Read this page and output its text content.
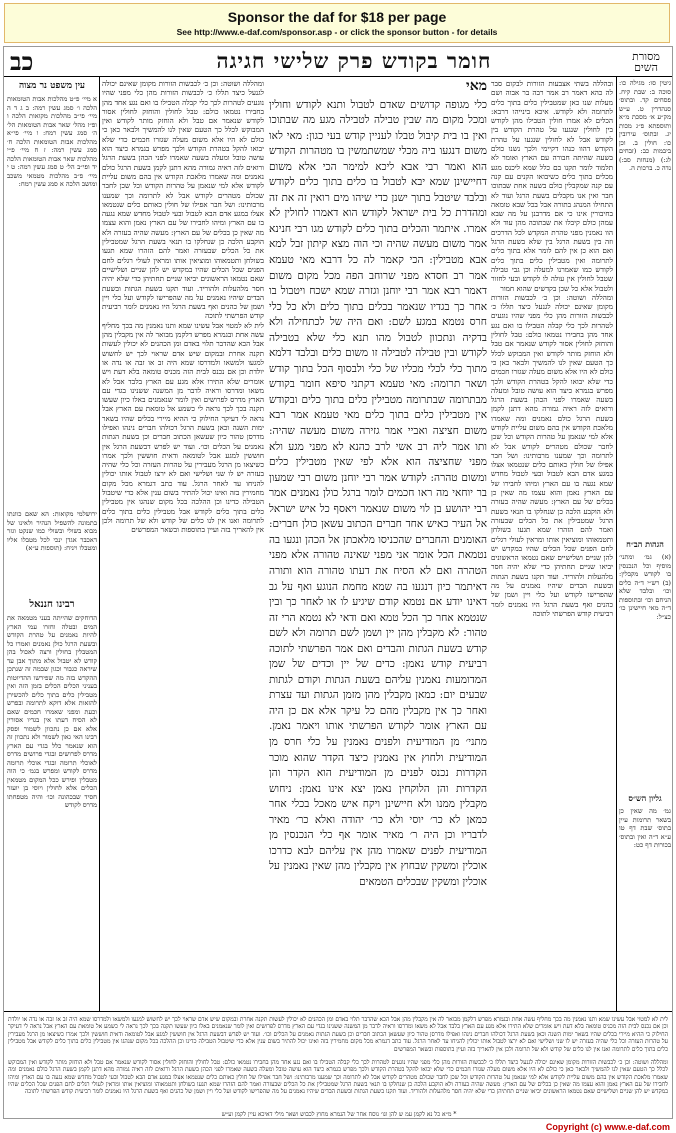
Sponsor the daf for $18 per page
See http://www.e-daf.com/sponsor.asp - or click the sponsor button - for details
כב	חומר בקודש פרק שלישי חגיגה	מסורת השים
עין משפט נר מצוה

א מיי׳ פ״ט מהלכות אבות הטומאות הלכה ו׳ סמג עשין רמה: ב ג ד ה מיי׳ פי״ב מהלכות מקואות הלכה ו ופ״ז מהל׳ שאר אבות הטומאות הל׳ ה׳ סמג עשין רמח: ו מיי׳ פי״א מהלכות אבות הטומאות הלכה ח׳ סמג עשין רמה: ז ח מיי׳ פ״י מהלכות שאר אבות הטומאות הלכה יד ופי״ב הל׳ ט סמג עשין רמה: ט י מיי׳ פ״ב מהלכות מטמאי משכב ומושב הלכה א סמג עשין רמח:

ירושלמי מקואות: הא שאם כוונתו בתמונה להשפיל הנהיר ולאינו של מבוא בשולי ובשולי כמו שנקט וגזר דאכבר אגדן ינכי לכל מטבלו אליו ומטבלו ויניח: (תוספות ע״א)

רבינו חננאל

הדוחקים שהייתה בעני מטמאה את המים ובטלה וחזרו עמי הארץ להיות נאמנים על טהרת הקודש ובשעת הרגל כולן נאמנים ואמרו כל המטבלין בחולין ורצה לאכול בהן קודש לא יטבול אלא מתוך אבן עד שיראה כגבור וכגון שבמה זה שנתכן ההקדש בזה מה שפירשו ההדיוטות בעניני הכלים הכלים בזמן הזה ואין מטבילין כלים בתוך כלים להכשירן להזאות אלא דוקא לתרומה ובפרש וכעת ומפני שאמרו חכמים שאם לא הסיח דעתו אין בגדיו אסורין אלא אם כן נתכוון לשמור ופסק רבינו האי גאון לשמור ולא נתכוון זה הוא שנאמר כלל בגדי עם הארץ מדרס לפרושים ובגדי פרושים מדרס לאוכלי תרומה ובגדי אוכלי תרומה מדרס לקודש ומפרש בגמ׳ כי הוה מטבלין ופירש ככל המקום מטמאין הכלים אלא לחולין ויוסי בן יועזר חסיד שבכהונה וכו׳ והיה מטפחתו מדרס לקודש

ומהללה ושוטה: וכן כ׳ לכבשות הזורות מקומן שאינם יכולה לגנעל כיצד תללו כ׳ לכבשות הזורות מהן כלי מפני שהיו נוגעים לטהרות לכך כלי קבלה הטבילו בו ואם נגע אחד מהן בחבירו נטמאו כולם: טבל לחולין והוחזק לחולין אסור לקודש שנאמר אם טבל ולא הוחזק מותר לקודש ואין המבוקש לכלל כך הטעם שאין לנו להמשיך ולבאר כאן כי כולם לא היו אלא משום מעלה שגזרו חכמים כדי שלא יבואו להקל בטהרת הקודש ולכך מפרש בגמרא כיצד הוא עושה טובל ומעלה בשעה שאמרו לפני הכהן בשעת הרגל ורואים לזה ראיה גמורה מהא דתנן לקמן בשעת הרגל כולם נאמנים ומה שאמרו מלאכת הקודש אין בהם משום עליית לקודש אלא למי שנאמן על טהרות הקודש וכל שכן לחבר שכולם מטהרים לקודש אבל לא לתרומה וכך שמענו מרבותינו: ושל חבר אפילו של חולין כאותם כלים שנטמאו אצלו במגע אדם הבא לטבול ובעי לטבול מחדש שמא נגעה בו עם הארץ ומיהו לחבירו של עם הארץ נאמן והוא עצמו מה שאין כן בכלים של עם הארץ: מעשה שהיה בעזרה ולא הוקבע הלכה כן שנחלקו בו תנאי בשעת הרגל שמטבילין את כל הכלים שבעזרה ואמר להם הזהרו שמא תגעו בשולחן ותטמאוהו ומוציאין אותו ומראין לעולי רגלים לחם הפנים שכל הכלים שהיו במקדש יש להן שניים ושלישיים שאם נטמאו הראשונים יביאו שניים תחתיהן כדי שלא יהיה חסר מלהעלות ולהוריד. ועוד תקנו בשעת הגתות ובשעת הבדים שיהיו נאמנים על מה שהפרישו לקודש ועל כלי ויין ושמן של כהנים ואף בשעת הרגל היו נאמנים לומר רביעית קודש הפרשתי לתוכה

לית לא למטוי אבל עשינו שמא ותנו נאמנין מה בכך מחליף עשה אחת ובגמרא מפרש דלקמן מבואר לה אין מקבלין מהן אבל הכא שהדבר תלוי באדם ומן הכהנים לא יכולין לעשות תקנה אחרת ובמקום שיש אדם שראוי לכך יש לחשוש למגעו ולמשאו ולמדרסו שמא היה זב או זבה או נדה או יולדת וכן אם נכנס לבית הזה מכניס טומאה בלא דעת ויש אומרים שלא התירו אלא מגע עם הארץ בלבד אבל לא משאו ומדרסו וראיה לדבר מן המשנה ששנינו בגדי עם הארץ מדרס לפרושים ואין לומר שנאמנים באלו כיון שעשו תקנה בכך לכך נראה לי כשמע אל טומאת עם הארץ אבל נראה לי דעיקר החילוק כי ההיא מיירי בכלים שהיו בשאר ימות השנה וכאן בשעת הרגל דכולהו חברים נינהו ואפילו מדרסן טהור כיון שעשאן הכתוב חברים וכן בשעת הגתות נאמנים על הכלים וכו׳. ועוד יש לפרש דבשעת הרגל אין חוששין למגע אבל לטומאה ודאית חוששין ולכך אמרו כשיצאו מן הרגל מעבירין על טהרות העזרה וכל כלי שהיה בעזרה יש לו שני ושלישי ואם לא ירצו לטבול אותו יכולין להניחו עד לאחר הרגל. עוד כתב דגמרא מכל מקום מחמירין בזה ואינו יכול להתיר בשום ענין אלא כדי שיטבול הטבילה כדינו וכן ההלכה בכל מקום שנהגו אין מטבילין כלים בתוך כלים לקודש אבל מטבילין כלים בתוך כלים לתרומה ואנו אין לנו כלים של קודש ולא של תרומה ולכן אין להאריך בזה ועיין בתוספות ובשאר המפרשים

מאי

כלי מגופה קדושים שאדם לטבול ותנא לקודש וחולין ומכל מקום מה שבין טבילה לטבילה מגע מה שבתוכו ואין בו בית קיבול טבלו לעניין קודש בעי כגון: מאי לאו משום דנגעו ביה מכלי שמשתמשין בו מטהרות הקודש הוא ואמר רבי אבא ליכא למימר הכי אלא משום דחיישינן שמא יבא לטבול בו כלים בתוך כלים לקודש ובלבד שיטבל בתוך ישנן כדי שיהו מים רואין זה את זה ומהדרת כל בית ישראל לקודש הוא דאמרו לחולין לא אמרו. איתמר והכלים בתוך כלים לקודש מגו רבי חנינא אמר משום מעשה שהיה וכי הוה מצא קיתון זבל למא אבא מטבילין: הכי קאמר לה כל דרבא מאי טעמא אמר רב חסדא מפני שרוחב הפה מכל מקום משום דאמר רבא אמר רבי יוחנן וגזרה שמא ישכח ויטבול בו אחר כך בגדיו שנאמר בכלים בתוך כלים ולא כל כלי חרס נטמא במגע לשם: ואם היה של לכתחילה ולא בדקיה ונתכוון לטבול מהו תנא כלי שלא בטבילה לקודש ובין טבילה לטבילה זו משום כלים ובלבד דלמא מתוך כלי לכלי מכליו של כלי ולבסוף הכל בתוך קודש ושאר תרומה: מאי טעמא דקתני סיפא חומר בקודש מבתרומה שבתרומה מטבילין כלים בתוך כלים ובקודש אין מטבילין כלים בתוך כלים מאי טעמא אמר רבא משום חציצה ואביי אמר גזירה משום מעשה שהיה: ותו אמר ליה רב אשי לרב כהנא לא מפני מגע ולא מפני שחציצה הוא אלא לפי שאין מטבילין כלים ומשום טהרה: לקודש אמר רבי יוחנן משום רבי שמעון בר יוחאי מה ראו חכמים לומר ברגל כולן נאמנים אמר רבי יהושע בן לוי משום שנאמר ויאסף כל איש ישראל אל העיר כאיש אחד חברים הכתוב עשאן כולן חברים: האומנים והחברים שהכניסו מלאכתן אל הכהן ונגעו בה נטמאת הכל אומר אני מפני שאינה טהורה אלא מפני הטהרה ואם לא הסיח את דעתו טהורה הוא ותורה דאיתמר כיון דנגעו בה שמא מחמת הנוגע ואף על גב דאינו יודע אם נטמא קודם שיגיע לו או לאחר כך ובין שנטמא אחר כך הכל טמא ואם ודאי לא נטמא הרי זה טהור: לא מקבלין מהן יין ושמן לשם תרומה ולא לשם קודש בשעת הגתות והבדים ואם אמר הפרשתי לתוכה רביעית קודש נאמן: כדים של יין וכדים של שמן המדומעות נאמנין עליהם בשעת הגתות וקודם לגתות שבעים יום: כמאן מקבלין מהן מזמן הגתות ועד עצרת ואחר כך אין מקבלין מהם כל עיקר אלא אם כן היה עם הארץ אומר לקודש הפרשתי אותו ויאמר נאמן. מתני׳ מן המודיעית ולפנים נאמנין על כלי חרס מן המודיעית ולחוץ אין נאמנין כיצד הקדר שהוא מוכר הקדרות נכנס לפנים מן המודיעית הוא הקדר והן הקדרות והן הלוקחין נאמן יצא אינו נאמן: ניחוש מקבלין ממנו ולא חיישינן ויקח איש מאכל בכלי אחר כמאן לא כר׳ יוסי ולא כר׳ יהודה ואלא כר׳ מאיר לדבריו וכן היה ר׳ מאיר אומר אף כלי הנכנסין מן המודיעית לפנים שאמרו מהן אין עליהם לבא כדרכו אוכלין ומשקין שבחוץ אין מקבלין מהן שאין נאמנין על אוכלין ומשקין שבכלים הטמאים

ובהללה בשתי אצבעות הזורות לבקום סבר לה כהא דאמר רב אמר רבה בר אבוה ושם מעלות שנו כאן שמטבילין כלים בתוך כלים לתרומה ולא לקודש. איכא בינייהו דרבא: הכלים לא אמרו חולין הטבילו מהן לקודש בין לחולין שנגעו על טהרת הקודש בין לקודש אבל לא לחולין שנגעו על טהרת הקודש דהוו כנהו דקיימי ולכך נשנו כולם בשעה שהיתה חבורה עם הארץ ואומר לא תלמוד לומר תקנו בם כלל שמא ליכנס מגע מכלים בתוך כלים כשיבואו הקנים עם קנה עם קנה שמקבלין כולם בשעה אחת שבתוכו חבר ואין אנו מקבלים בשעת הרגל ועוד לא התחילו המנהג בתורה אבל בכל שבא טומאה בחיבורין אינו כי אם מדרבנן על מה שבא עמהן כולם קיבלו את שבתוכה מהן עוד ולא הוו נאמנין מפני טהרת המקדש לכל הדרכים וזה בין בשעת הרגל בין שלא בשעת הרגל ואם הוא כן אין להם לומר אלא בתוך כלים לתרומה ואין מטבילין כלים בתוך כלים לקודש כמו שאמרנו למעלה וכן גבי טבילה שטבל לחולין אין עולה לו לקודש ובעי לחזור ולטבול אלא כל שכן בקדשים שהוא חמור

ומהללה ושוטה: וכן כ׳ לכבשות הזורות מקומן שאינם יכולה לגנעל כיצד תללו כ׳ לכבשות הזורות מהן כלי מפני שהיו נוגעים לטהרות לכך כלי קבלה הטבילו בו ואם נגע אחד מהן בחבירו נטמאו כולם: טבל לחולין והוחזק לחולין אסור לקודש שנאמר אם טבל ולא הוחזק מותר לקודש ואין המבוקש לכלל כך הטעם שאין לנו להמשיך ולבאר כאן כי כולם לא היו אלא משום מעלה שגזרו חכמים כדי שלא יבואו להקל בטהרת הקודש ולכך מפרש בגמרא כיצד הוא עושה טובל ומעלה בשעה שאמרו לפני הכהן בשעת הרגל ורואים לזה ראיה גמורה מהא דתנן לקמן בשעת הרגל כולם נאמנים ומה שאמרו מלאכת הקודש אין בהם משום עליית לקודש אלא למי שנאמן על טהרות הקודש וכל שכן לחבר שכולם מטהרים לקודש אבל לא לתרומה וכך שמענו מרבותינו: ושל חבר אפילו של חולין כאותם כלים שנטמאו אצלו במגע אדם הבא לטבול ובעי לטבול מחדש שמא נגעה בו עם הארץ ומיהו לחבירו של עם הארץ נאמן והוא עצמו מה שאין כן בכלים של עם הארץ: מעשה שהיה בעזרה ולא הוקבע הלכה כן שנחלקו בו תנאי בשעת הרגל שמטבילין את כל הכלים שבעזרה ואמר להם הזהרו שמא תגעו בשולחן ותטמאוהו ומוציאין אותו ומראין לעולי רגלים לחם הפנים שכל הכלים שהיו במקדש יש להן שניים ושלישיים שאם נטמאו הראשונים יביאו שניים תחתיהן כדי שלא יהיה חסר מלהעלות ולהוריד. ועוד תקנו בשעת הגתות ובשעת הבדים שיהיו נאמנים על מה שהפרישו לקודש ועל כלי ויין ושמן של כהנים ואף בשעת הרגל היו נאמנים לומר רביעית קודש הפרשתי לתוכה

גיטין סו: מגילה כו: סוכה ב: שבת קיח. פסחים קד. ובתוס׳ סנהדרין ט. ע״ש מק״ע א׳ מסכת מ״א ותוספתא פ״ג מכות יג. ובתוס׳ עירובין כו: חולין ב. וכן ביבמות כב: (זבחים לג:) (מנחות סב:) נדה כ. ברכות ה.

הגהות הב״ח

(א) גמ׳ ומתני׳ מוסיף וכל הנכנסין בו לקודש מקבלין: (ב) רש״י ד״ה כלים וכו׳ ובלבד שלא הניחם וכו׳ ובתוספות ד״ה מאי חיישינן כו׳ כצ״ל:

גליון הש״ס

גמ׳ מה שאין כן בשאר תרומות עיין בתוס׳ שבת דף טו ע״א ד״ה ואין ובתוס׳ בכורות דף כט:

לית לא למטוי אבל עשינו שמא ותנו נאמנין מה בכך מחליף עשה אחת ובגמרא מפרש דלקמן מבואר לה אין מקבלין מהן אבל הכא שהדבר תלוי באדם ומן הכהנים לא יכולין לעשות תקנה אחרת ובמקום שיש אדם שראוי לכך יש לחשוש למגעו ולמשאו ולמדרסו שמא היה זב או זבה או נדה או יולדת וכן אם נכנס לבית הזה מכניס טומאה בלא דעת ויש אומרים שלא התירו אלא מגע עם הארץ בלבד אבל לא משאו ומדרסו וראיה לדבר מן המשנה ששנינו בגדי עם הארץ מדרס לפרושים ואין לומר שנאמנים באלו כיון שעשו תקנה בכך לכך נראה לי כשמע אל טומאת עם הארץ אבל נראה לי דעיקר החילוק כי ההיא מיירי בכלים שהיו בשאר ימות השנה וכאן בשעת הרגל דכולהו חברים נינהו ואפילו מדרסן טהור כיון שעשאן הכתוב חברים וכן בשעת הגתות נאמנים על הכלים וכו׳. ועוד יש לפרש דבשעת הרגל אין חוששין למגע אבל לטומאה ודאית חוששין ולכך אמרו כשיצאו מן הרגל מעבירין על טהרות העזרה וכל כלי שהיה בעזרה יש לו שני ושלישי ואם לא ירצו לטבול אותו יכולין להניחו עד לאחר הרגל. עוד כתב דגמרא מכל מקום מחמירין בזה ואינו יכול להתיר בשום ענין אלא כדי שיטבול הטבילה כדינו וכן ההלכה בכל מקום שנהגו אין מטבילין כלים בתוך כלים לקודש אבל מטבילין כלים בתוך כלים לתרומה ואנו אין לנו כלים של קודש ולא של תרומה ולכן אין להאריך בזה ועיין בתוספות ובשאר המפרשים

ומהללה ושוטה: וכן כ׳ לכבשות הזורות מקומן שאינם יכולה לגנעל כיצד תללו כ׳ לכבשות הזורות מהן כלי מפני שהיו נוגעים לטהרות לכך כלי קבלה הטבילו בו ואם נגע אחד מהן בחבירו נטמאו כולם: טבל לחולין והוחזק לחולין אסור לקודש שנאמר אם טבל ולא הוחזק מותר לקודש ואין המבוקש לכלל כך הטעם שאין לנו להמשיך ולבאר כאן כי כולם לא היו אלא משום מעלה שגזרו חכמים כדי שלא יבואו להקל בטהרת הקודש ולכך מפרש בגמרא כיצד הוא עושה טובל ומעלה בשעה שאמרו לפני הכהן בשעת הרגל ורואים לזה ראיה גמורה מהא דתנן לקמן בשעת הרגל כולם נאמנים ומה שאמרו מלאכת הקודש אין בהם משום עליית לקודש אלא למי שנאמן על טהרות הקודש וכל שכן לחבר שכולם מטהרים לקודש אבל לא לתרומה וכך שמענו מרבותינו: ושל חבר אפילו של חולין כאותם כלים שנטמאו אצלו במגע אדם הבא לטבול ובעי לטבול מחדש שמא נגעה בו עם הארץ ומיהו לחבירו של עם הארץ נאמן והוא עצמו מה שאין כן בכלים של עם הארץ: מעשה שהיה בעזרה ולא הוקבע הלכה כן שנחלקו בו תנאי בשעת הרגל שמטבילין את כל הכלים שבעזרה ואמר להם הזהרו שמא תגעו בשולחן ותטמאוהו ומוציאין אותו ומראין לעולי רגלים לחם הפנים שכל הכלים שהיו במקדש יש להן שניים ושלישיים שאם נטמאו הראשונים יביאו שניים תחתיהן כדי שלא יהיה חסר מלהעלות ולהוריד. ועוד תקנו בשעת הגתות ובשעת הבדים שיהיו נאמנים על מה שהפרישו לקודש ועל כלי ויין ושמן של כהנים ואף בשעת הרגל היו נאמנים לומר רביעית קודש הפרשתי לתוכה

* מ״א כל נא לקמן עמ ש להן וגו׳ נוסח אחר של הגמרא מחוץ לכבוש ושאר מילי דאיכא עיין לקמן וע״ש
Copyright (c) www.e-daf.com
